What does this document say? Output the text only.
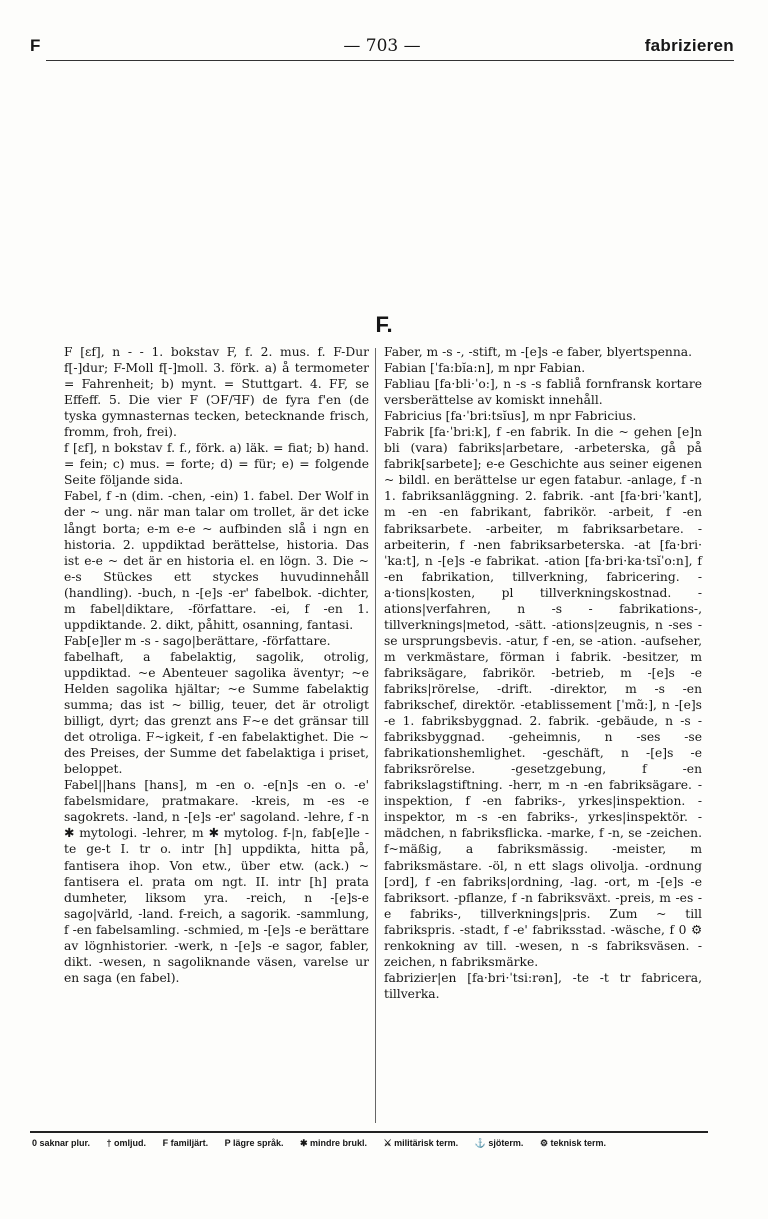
F	— 703 —	fabrizieren
F.

F [ɛf], n - - 1. bokstav F, f. 2. mus. f. F-Dur f[-]dur; F-Moll f[-]moll. 3. förk. a) å termometer = Fahrenheit; b) mynt. = Stuttgart. 4. FF, se Effeff. 5. Die vier F (ↃF/ꟻF) de fyra f'en (de tyska gymnasternas tecken, betecknande frisch, fromm, froh, frei).

f [ɛf], n bokstav f. f., förk. a) läk. = fiat; b) hand. = fein; c) mus. = forte; d) = für; e) = folgende Seite följande sida.

Fabel, f -n (dim. -chen, -ein) 1. fabel. Der Wolf in der ~ ung. när man talar om trollet, är det icke långt borta; e-m e-e ~ aufbinden slå i ngn en historia. 2. uppdiktad berättelse, historia. Das ist e-e ~ det är en historia el. en lögn. 3. Die ~ e-s Stückes ett styckes huvudinnehåll (handling). -buch, n -[e]s -er' fabelbok. -dichter, m fabel|diktare, -författare. -ei, f -en 1. uppdiktande. 2. dikt, påhitt, osanning, fantasi.

Fab[e]ler m -s - sago|berättare, -författare.

fabelhaft, a fabelaktig, sagolik, otrolig, uppdiktad. ~e Abenteuer sagolika äventyr; ~e Helden sagolika hjältar; ~e Summe fabelaktig summa; das ist ~ billig, teuer, det är otroligt billigt, dyrt; das grenzt ans F~e det gränsar till det otroliga. F~igkeit, f -en fabelaktighet. Die ~ des Preises, der Summe det fabelaktiga i priset, beloppet.

Fabel||hans [hans], m -en o. -e[n]s -en o. -e' fabelsmidare, pratmakare. -kreis, m -es -e sagokrets. -land, n -[e]s -er' sagoland. -lehre, f -n ✱ mytologi. -lehrer, m ✱ mytolog. f-|n, fab[e]le -te ge-t I. tr o. intr [h] uppdikta, hitta på, fantisera ihop. Von etw., über etw. (ack.) ~ fantisera el. prata om ngt. II. intr [h] prata dumheter, liksom yra. -reich, n -[e]s-e sago|värld, -land. f-reich, a sagorik. -sammlung, f -en fabelsamling. -schmied, m -[e]s -e berättare av lögnhistorier. -werk, n -[e]s -e sagor, fabler, dikt. -wesen, n sagoliknande väsen, varelse ur en saga (en fabel).

Faber, m -s -, -stift, m -[e]s -e faber, blyertspenna.

Fabian [ˈfa:bĭa:n], m npr Fabian.

Fabliau [fa·bli·ˈo:], n -s -s fabliå fornfransk kortare versberättelse av komiskt innehåll.

Fabricius [fa·ˈbri:tsĭus], m npr Fabricius.

Fabrik [fa·ˈbri:k], f -en fabrik. In die ~ gehen [e]n bli (vara) fabriks|arbetare, -arbeterska, gå på fabrik[sarbete]; e-e Geschichte aus seiner eigenen ~ bildl. en berättelse ur egen fatabur. -anlage, f -n 1. fabriksanläggning. 2. fabrik. -ant [fa·bri·ˈkant], m -en -en fabrikant, fabrikör. -arbeit, f -en fabriksarbete. -arbeiter, m fabriksarbetare. -arbeiterin, f -nen fabriksarbeterska. -at [fa·bri·ˈka:t], n -[e]s -e fabrikat. -ation [fa·bri·ka·tsĭˈo:n], f -en fabrikation, tillverkning, fabricering. -a·tions|kosten, pl tillverkningskostnad. -ations|verfahren, n -s - fabrikations-, tillverknings|metod, -sätt. -ations|zeugnis, n -ses -se ursprungsbevis. -atur, f -en, se -ation. -aufseher, m verkmästare, förman i fabrik. -besitzer, m fabriksägare, fabrikör. -betrieb, m -[e]s -e fabriks|rörelse, -drift. -direktor, m -s -en fabrikschef, direktör. -etablissement [ˈmɑ̃:], n -[e]s -e 1. fabriksbyggnad. 2. fabrik. -gebäude, n -s - fabriksbyggnad. -geheimnis, n -ses -se fabrikationshemlighet. -geschäft, n -[e]s -e fabriksrörelse. -gesetzgebung, f -en fabrikslagstiftning. -herr, m -n -en fabriksägare. -inspektion, f -en fabriks-, yrkes|inspektion. -inspektor, m -s -en fabriks-, yrkes|inspektör. -mädchen, n fabriksflicka. -marke, f -n, se -zeichen. f~mäßig, a fabriksmässig. -meister, m fabriksmästare. -öl, n ett slags olivolja. -ordnung [ɔrd], f -en fabriks|ordning, -lag. -ort, m -[e]s -e fabriksort. -pflanze, f -n fabriksväxt. -preis, m -es -e fabriks-, tillverknings|pris. Zum ~ till fabrikspris. -stadt, f -e' fabriksstad. -wäsche, f 0 ⚙ renkokning av till. -wesen, n -s fabriksväsen. -zeichen, n fabriksmärke.

fabrizier|en [fa·bri·ˈtsi:rən], -te -t tr fabricera, tillverka.

0 saknar plur. † omljud. F familjärt. P lägre språk. ✱ mindre brukl. ⚔ militärisk term. ⚓ sjöterm. ⚙ teknisk term.
